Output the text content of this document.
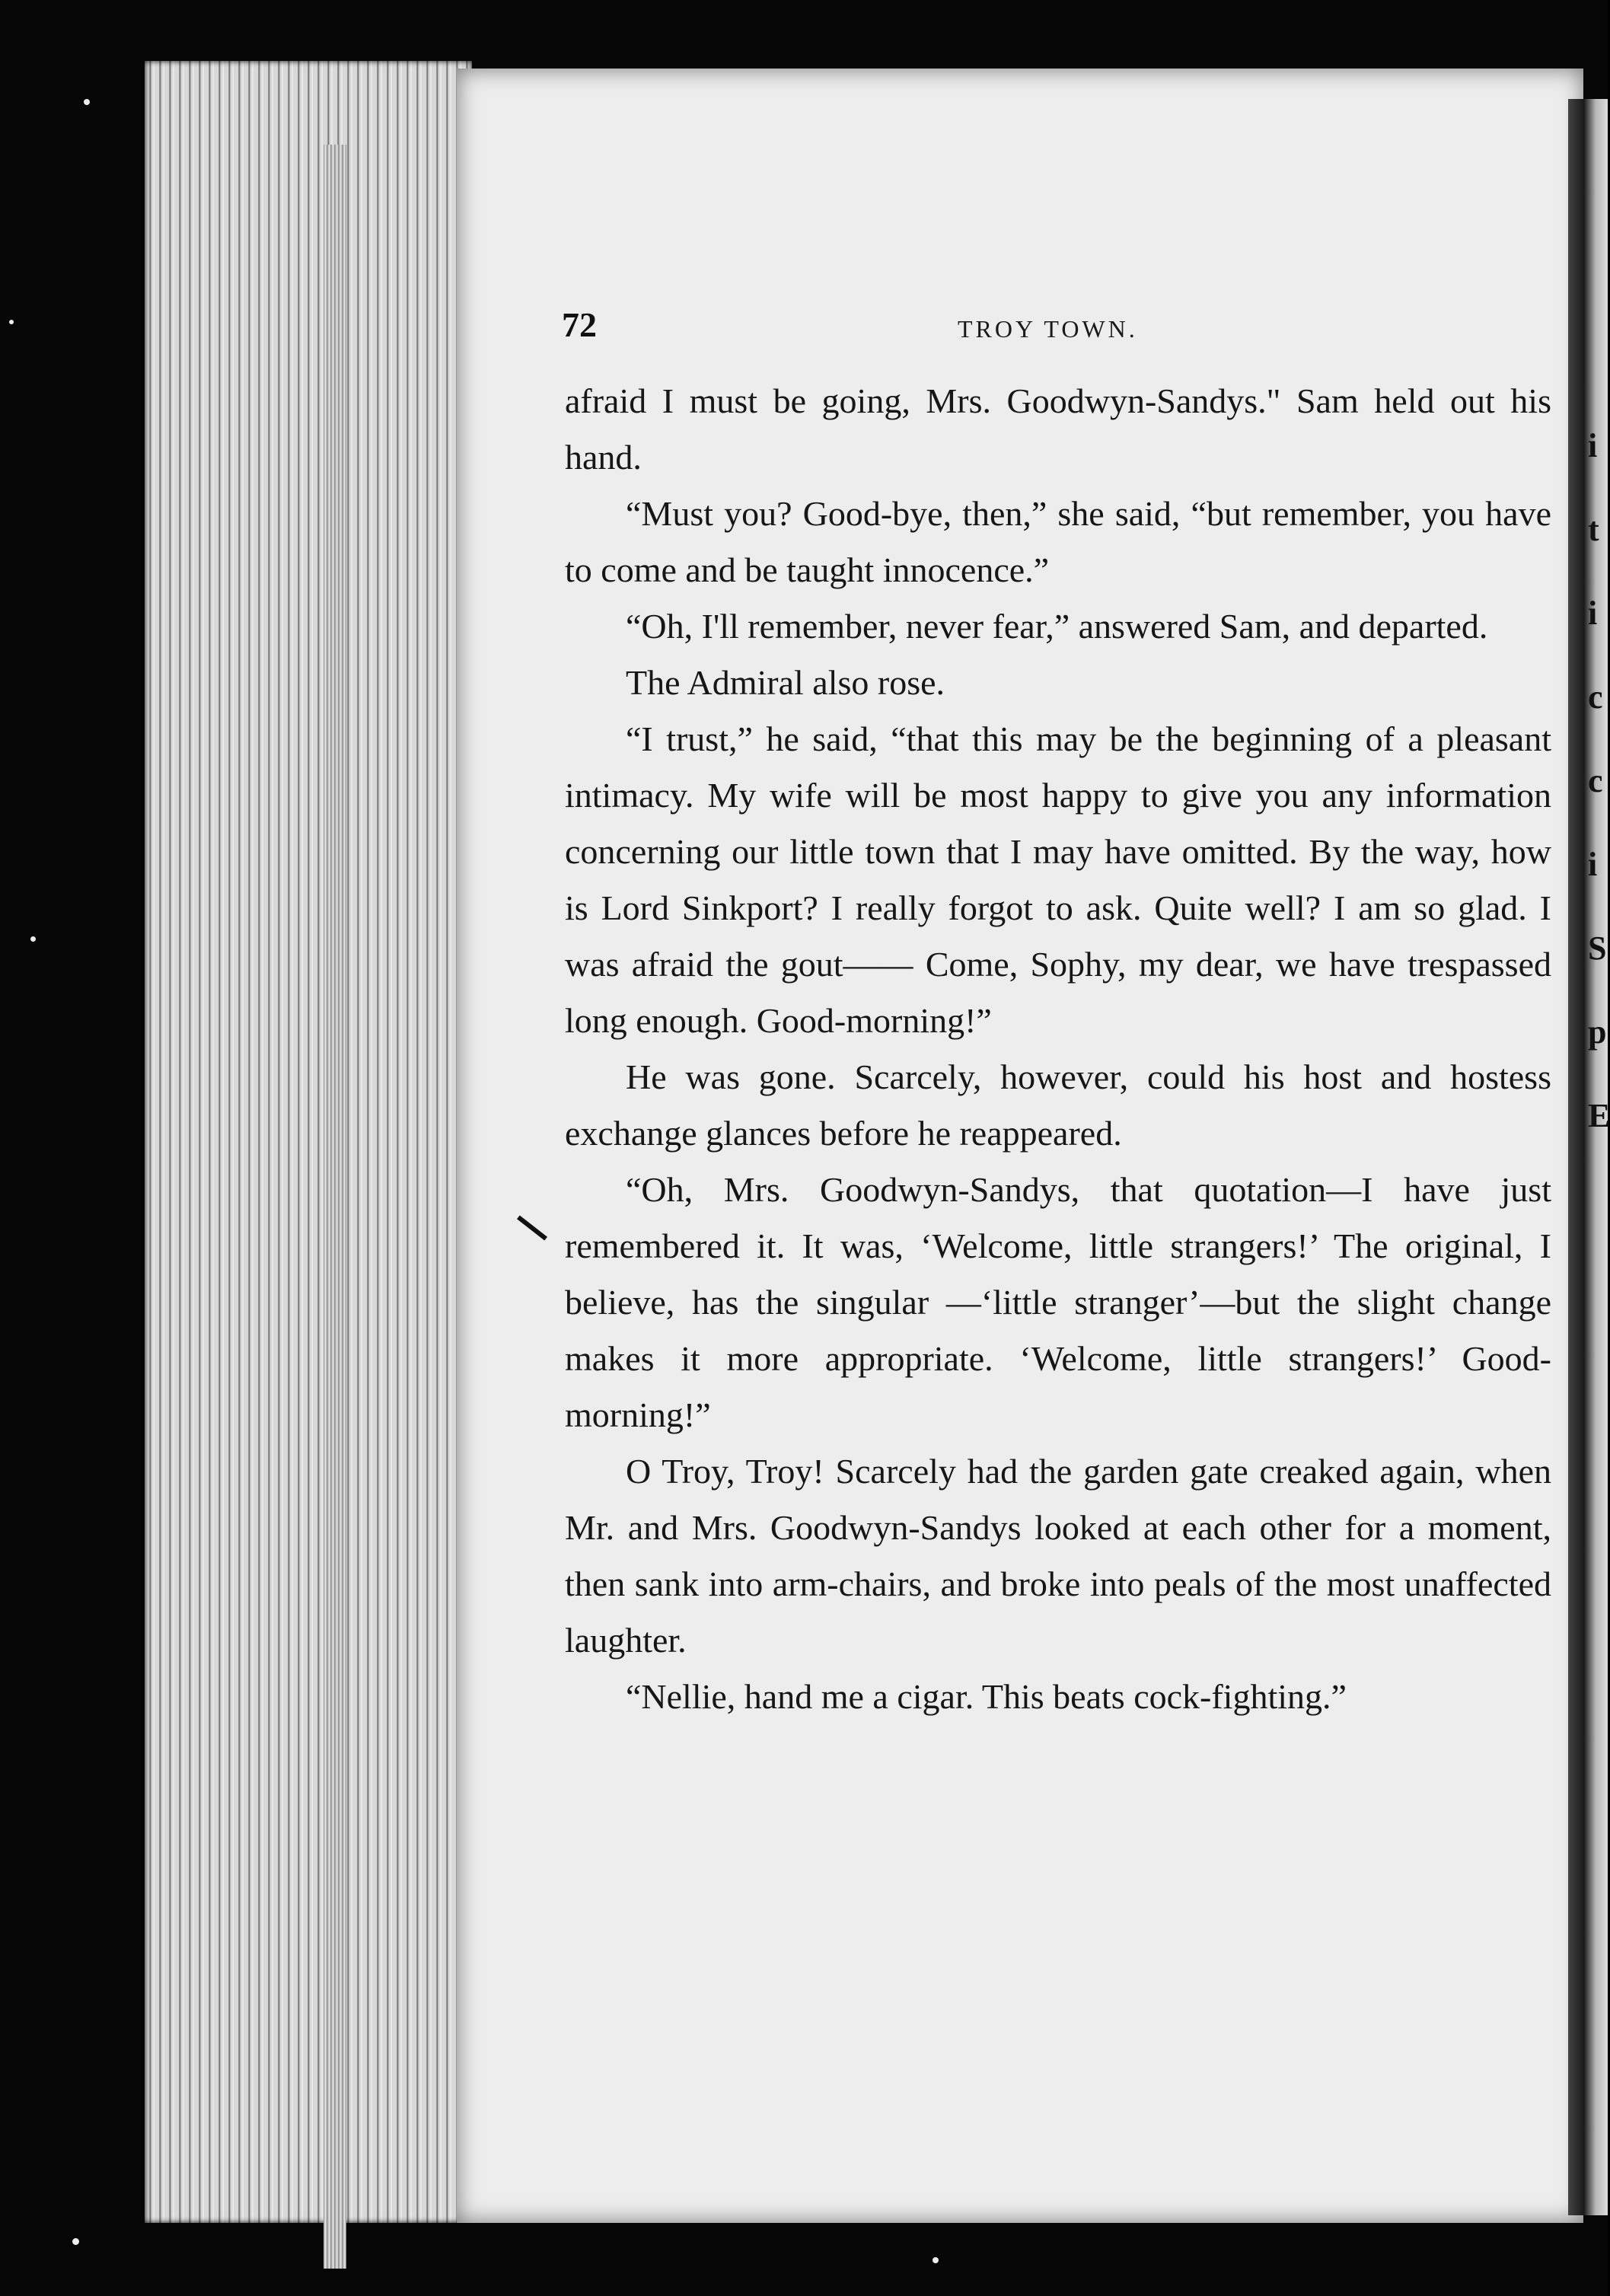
i
t
i
c
c
i
S
p
E
72	TROY TOWN.

afraid I must be going, Mrs. Goodwyn-Sandys." Sam held out his hand.

“Must you? Good-bye, then,” she said, “but remember, you have to come and be taught innocence.”

“Oh, I'll remember, never fear,” answered Sam, and departed.

The Admiral also rose.

“I trust,” he said, “that this may be the beginning of a pleasant intimacy. My wife will be most happy to give you any information concerning our little town that I may have omitted. By the way, how is Lord Sinkport? I really forgot to ask. Quite well? I am so glad. I was afraid the gout—— Come, Sophy, my dear, we have trespassed long enough. Good-morning!”

He was gone. Scarcely, however, could his host and hostess exchange glances before he reappeared.

“Oh, Mrs. Goodwyn-Sandys, that quotation—I have just remembered it. It was, ‘Welcome, little strangers!’ The original, I believe, has the singular —‘little stranger’—but the slight change makes it more appropriate. ‘Welcome, little strangers!’ Good-morning!”

O Troy, Troy! Scarcely had the garden gate creaked again, when Mr. and Mrs. Goodwyn-Sandys looked at each other for a moment, then sank into arm-chairs, and broke into peals of the most unaffected laughter.

“Nellie, hand me a cigar. This beats cock-fighting.”
